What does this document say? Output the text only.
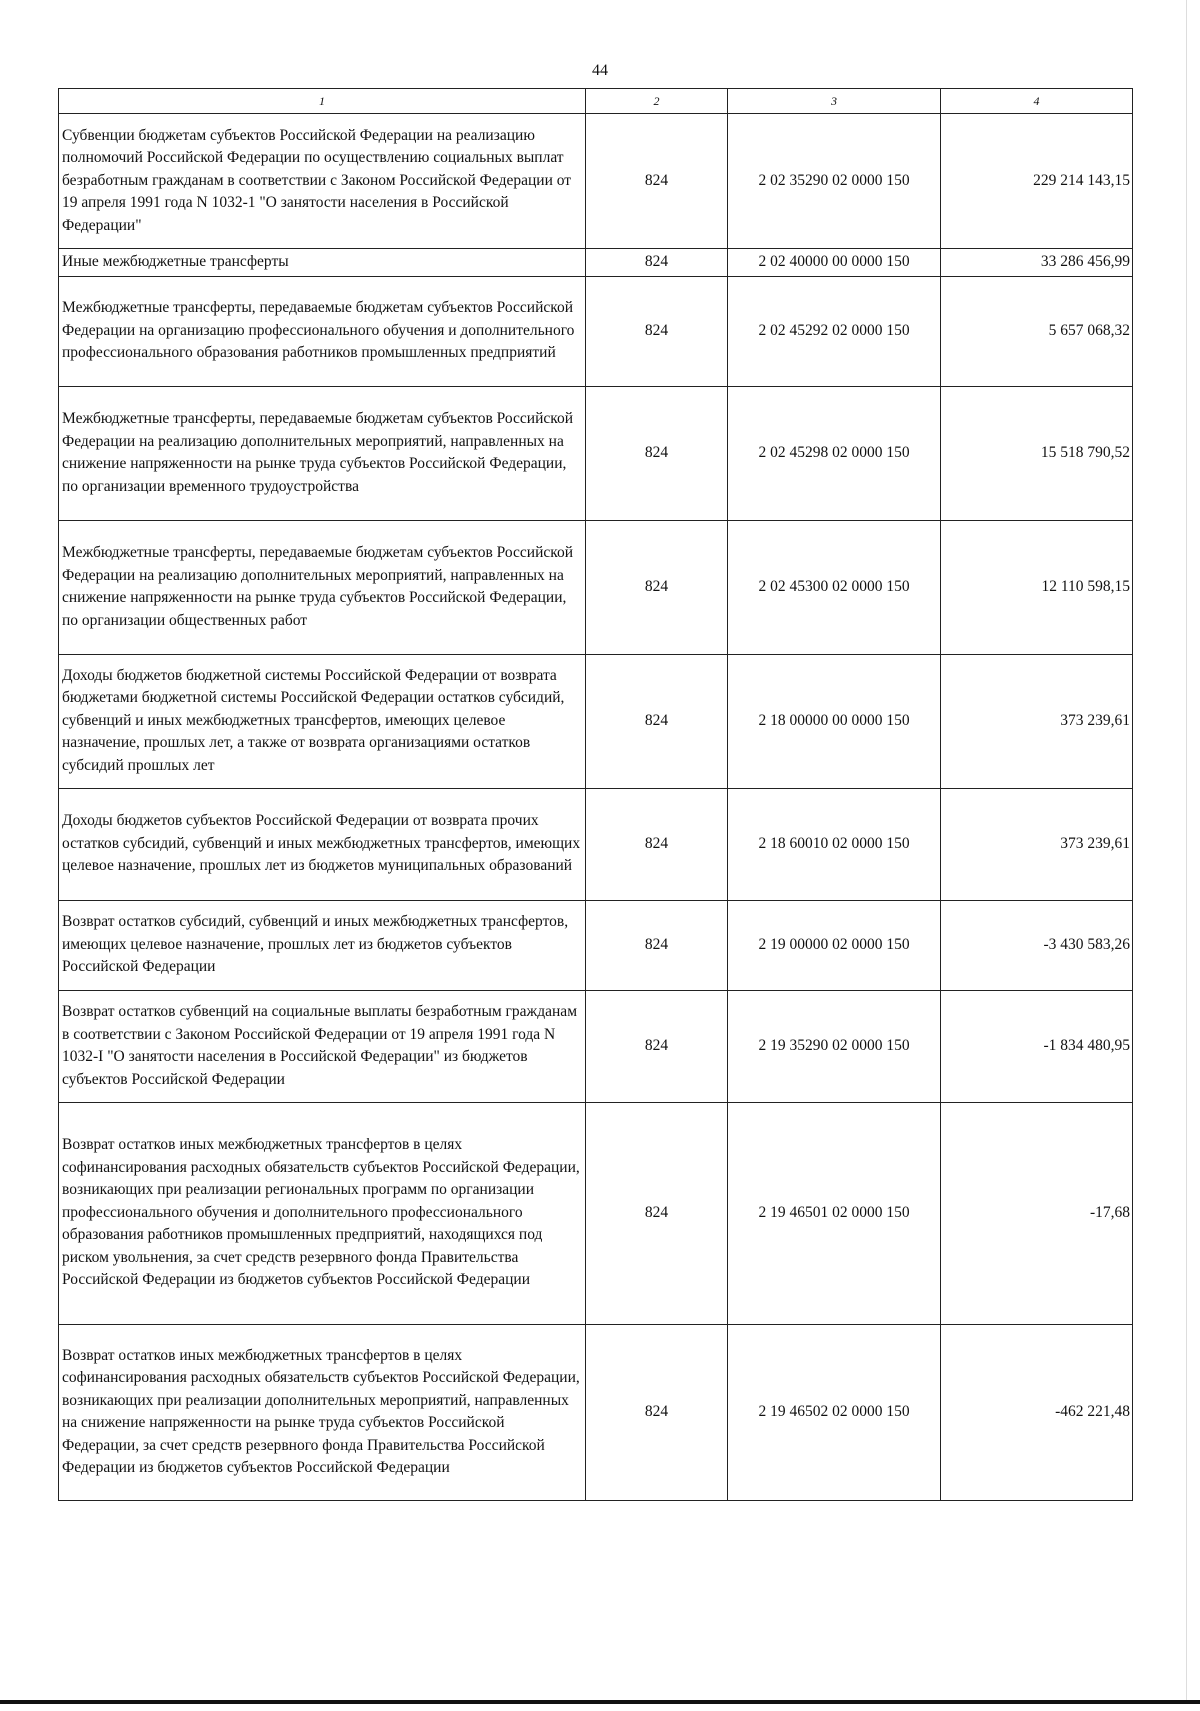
44
1	2	3	4
Субвенции бюджетам субъектов Российской Федерации на реализацию полномочий Российской Федерации по осуществлению социальных выплат безработным гражданам в соответствии с Законом Российской Федерации от 19 апреля 1991 года N 1032-1 "О занятости населения в Российской Федерации"	824	2 02 35290 02 0000 150	229 214 143,15
Иные межбюджетные трансферты	824	2 02 40000 00 0000 150	33 286 456,99
Межбюджетные трансферты, передаваемые бюджетам субъектов Российской Федерации на организацию профессионального обучения и дополнительного профессионального образования работников промышленных предприятий	824	2 02 45292 02 0000 150	5 657 068,32
Межбюджетные трансферты, передаваемые бюджетам субъектов Российской Федерации на реализацию дополнительных мероприятий, направленных на снижение напряженности на рынке труда субъектов Российской Федерации, по организации временного трудоустройства	824	2 02 45298 02 0000 150	15 518 790,52
Межбюджетные трансферты, передаваемые бюджетам субъектов Российской Федерации на реализацию дополнительных мероприятий, направленных на снижение напряженности на рынке труда субъектов Российской Федерации, по организации общественных работ	824	2 02 45300 02 0000 150	12 110 598,15
Доходы бюджетов бюджетной системы Российской Федерации от возврата бюджетами бюджетной системы Российской Федерации остатков субсидий, субвенций и иных межбюджетных трансфертов, имеющих целевое назначение, прошлых лет, а также от возврата организациями остатков субсидий прошлых лет	824	2 18 00000 00 0000 150	373 239,61
Доходы бюджетов субъектов Российской Федерации от возврата прочих остатков субсидий, субвенций и иных межбюджетных трансфертов, имеющих целевое назначение, прошлых лет из бюджетов муниципальных образований	824	2 18 60010 02 0000 150	373 239,61
Возврат остатков субсидий, субвенций и иных межбюджетных трансфертов, имеющих целевое назначение, прошлых лет из бюджетов субъектов Российской Федерации	824	2 19 00000 02 0000 150	-3 430 583,26
Возврат остатков субвенций на социальные выплаты безработным гражданам в соответствии с Законом Российской Федерации от 19 апреля 1991 года N 1032-I "О занятости населения в Российской Федерации" из бюджетов субъектов Российской Федерации	824	2 19 35290 02 0000 150	-1 834 480,95
Возврат остатков иных межбюджетных трансфертов в целях софинансирования расходных обязательств субъектов Российской Федерации, возникающих при реализации региональных программ по организации профессионального обучения и дополнительного профессионального образования работников промышленных предприятий, находящихся под риском увольнения, за счет средств резервного фонда Правительства Российской Федерации из бюджетов субъектов Российской Федерации	824	2 19 46501 02 0000 150	-17,68
Возврат остатков иных межбюджетных трансфертов в целях софинансирования расходных обязательств субъектов Российской Федерации, возникающих при реализации дополнительных мероприятий, направленных на снижение напряженности на рынке труда субъектов Российской Федерации, за счет средств резервного фонда Правительства Российской Федерации из бюджетов субъектов Российской Федерации	824	2 19 46502 02 0000 150	-462 221,48
